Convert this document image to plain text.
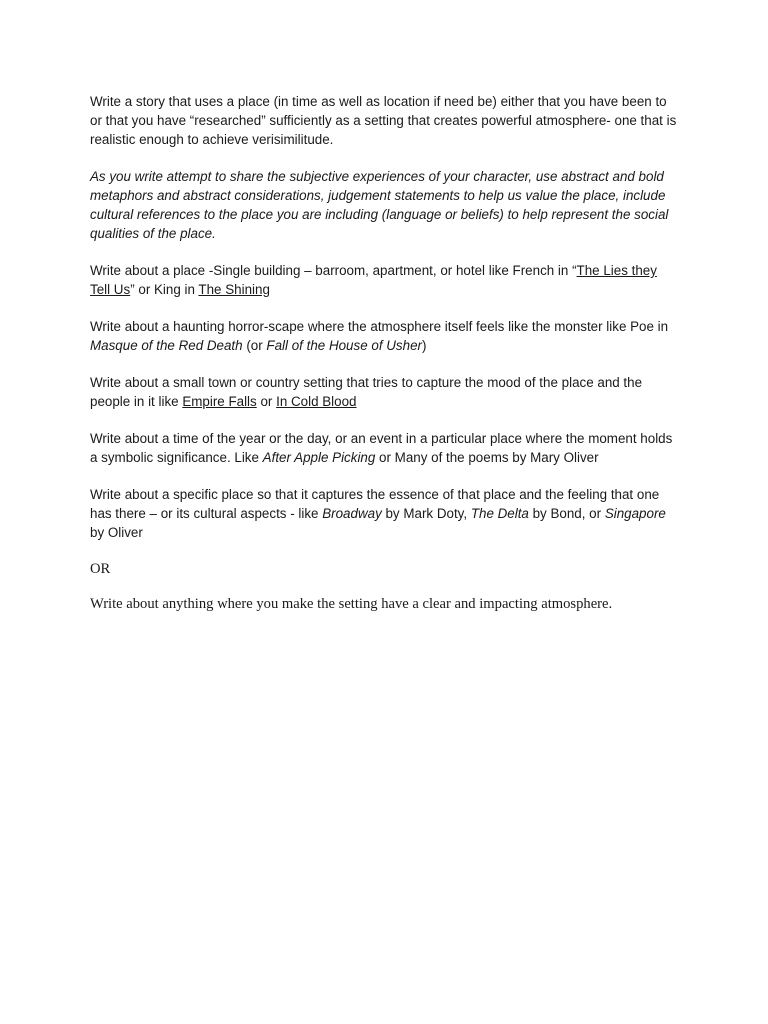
Write a story that uses a place (in time as well as location if need be) either that you have been to or that you have “researched” sufficiently as a setting that creates powerful atmosphere- one that is realistic enough to achieve verisimilitude.

As you write attempt to share the subjective experiences of your character, use abstract and bold metaphors and abstract considerations, judgement statements to help us value the place, include cultural references to the place you are including (language or beliefs) to help represent the social qualities of the place.

Write about a place -Single building – barroom, apartment, or hotel like French in “The Lies they Tell Us” or King in The Shining

Write about a haunting horror-scape where the atmosphere itself feels like the monster like Poe in Masque of the Red Death (or Fall of the House of Usher)

Write about a small town or country setting that tries to capture the mood of the place and the people in it like Empire Falls or In Cold Blood

Write about a time of the year or the day, or an event in a particular place where the moment holds a symbolic significance. Like After Apple Picking or Many of the poems by Mary Oliver

Write about a specific place so that it captures the essence of that place and the feeling that one has there – or its cultural aspects - like Broadway by Mark Doty, The Delta by Bond, or Singapore by Oliver

OR

Write about anything where you make the setting have a clear and impacting atmosphere.
